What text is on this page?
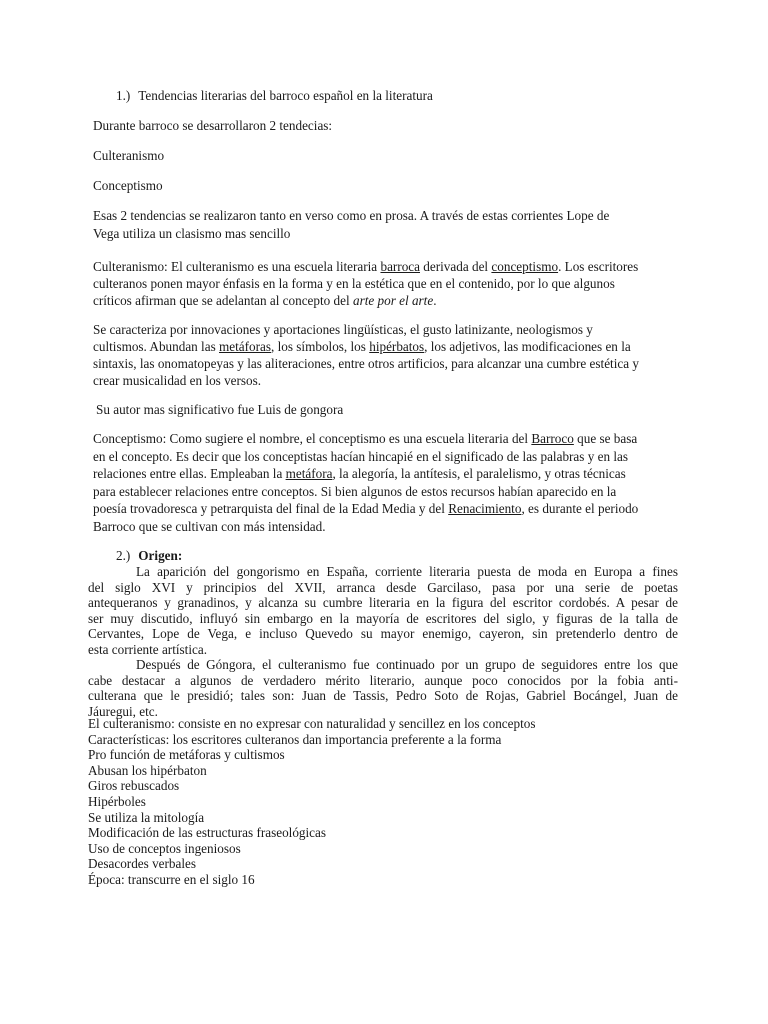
1.) Tendencias literarias del barroco español en la literatura

Durante barroco se desarrollaron 2 tendecias:

Culteranismo

Conceptismo

Esas 2 tendencias se realizaron tanto en verso como en prosa. A través de estas corrientes Lope de
Vega utiliza un clasismo mas sencillo

Culteranismo: El culteranismo es una escuela literaria barroca derivada del conceptismo. Los escritores
culteranos ponen mayor énfasis en la forma y en la estética que en el contenido, por lo que algunos
críticos afirman que se adelantan al concepto del arte por el arte.

Se caracteriza por innovaciones y aportaciones lingüísticas, el gusto latinizante, neologismos y
cultismos. Abundan las metáforas, los símbolos, los hipérbatos, los adjetivos, las modificaciones en la
sintaxis, las onomatopeyas y las aliteraciones, entre otros artificios, para alcanzar una cumbre estética y
crear musicalidad en los versos.

Su autor mas significativo fue Luis de gongora

Conceptismo: Como sugiere el nombre, el conceptismo es una escuela literaria del Barroco que se basa
en el concepto. Es decir que los conceptistas hacían hincapié en el significado de las palabras y en las
relaciones entre ellas. Empleaban la metáfora, la alegoría, la antítesis, el paralelismo, y otras técnicas
para establecer relaciones entre conceptos. Si bien algunos de estos recursos habían aparecido en la
poesía trovadoresca y petrarquista del final de la Edad Media y del Renacimiento, es durante el periodo
Barroco que se cultivan con más intensidad.

2.) Origen:
La aparición del gongorismo en España, corriente literaria puesta de moda en Europa a fines
del siglo XVI y principios del XVII, arranca desde Garcilaso, pasa por una serie de poetas
antequeranos y granadinos, y alcanza su cumbre literaria en la figura del escritor cordobés. A pesar de
ser muy discutido, influyó sin embargo en la mayoría de escritores del siglo, y figuras de la talla de
Cervantes, Lope de Vega, e incluso Quevedo su mayor enemigo, cayeron, sin pretenderlo dentro de
esta corriente artística.
Después de Góngora, el culteranismo fue continuado por un grupo de seguidores entre los que
cabe destacar a algunos de verdadero mérito literario, aunque poco conocidos por la fobia anti-
culterana que le presidió; tales son: Juan de Tassis, Pedro Soto de Rojas, Gabriel Bocángel, Juan de
Jáuregui, etc.
El culteranismo: consiste en no expresar con naturalidad y sencillez en los conceptos
Características: los escritores culteranos dan importancia preferente a la forma
Pro función de metáforas y cultismos
Abusan los hipérbaton
Giros rebuscados
Hipérboles
Se utiliza la mitología
Modificación de las estructuras fraseológicas
Uso de conceptos ingeniosos
Desacordes verbales
Época: transcurre en el siglo 16
